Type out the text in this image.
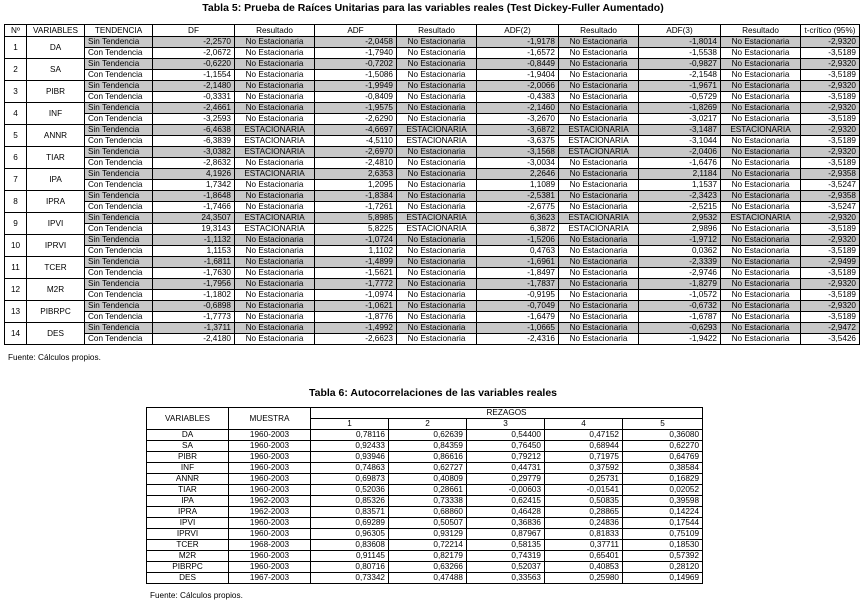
Tabla 5: Prueba de Raíces Unitarias para las variables reales (Test Dickey-Fuller Aumentado)
Nº	VARIABLES	TENDENCIA	DF	Resultado	ADF	Resultado	ADF(2)	Resultado	ADF(3)	Resultado	t-crítico (95%)
1	DA	Sin Tendencia	-2,2570	No Estacionaria	-2,0458	No Estacionaria	-1,9178	No Estacionaria	-1,8014	No Estacionaria	-2,9320
		Con Tendencia	-2,0672	No Estacionaria	-1,7940	No Estacionaria	-1,6572	No Estacionaria	-1,5538	No Estacionaria	-3,5189
2	SA	Sin Tendencia	-0,6220	No Estacionaria	-0,7202	No Estacionaria	-0,8449	No Estacionaria	-0,9827	No Estacionaria	-2,9320
		Con Tendencia	-1,1554	No Estacionaria	-1,5086	No Estacionaria	-1,9404	No Estacionaria	-2,1548	No Estacionaria	-3,5189
3	PIBR	Sin Tendencia	-2,1480	No Estacionaria	-1,9949	No Estacionaria	-2,0066	No Estacionaria	-1,9671	No Estacionaria	-2,9320
		Con Tendencia	-0,3331	No Estacionaria	-0,8409	No Estacionaria	-0,4383	No Estacionaria	-0,5729	No Estacionaria	-3,5189
4	INF	Sin Tendencia	-2,4661	No Estacionaria	-1,9575	No Estacionaria	-2,1460	No Estacionaria	-1,8269	No Estacionaria	-2,9320
		Con Tendencia	-3,2593	No Estacionaria	-2,6290	No Estacionaria	-3,2670	No Estacionaria	-3,0217	No Estacionaria	-3,5189
5	ANNR	Sin Tendencia	-6,4638	ESTACIONARIA	-4,6697	ESTACIONARIA	-3,6872	ESTACIONARIA	-3,1487	ESTACIONARIA	-2,9320
		Con Tendencia	-6,3839	ESTACIONARIA	-4,5110	ESTACIONARIA	-3,6375	ESTACIONARIA	-3,1044	No Estacionaria	-3,5189
6	TIAR	Sin Tendencia	-3,0382	ESTACIONARIA	-2,6970	No Estacionaria	-3,1568	ESTACIONARIA	-2,0406	No Estacionaria	-2,9320
		Con Tendencia	-2,8632	No Estacionaria	-2,4810	No Estacionaria	-3,0034	No Estacionaria	-1,6476	No Estacionaria	-3,5189
7	IPA	Sin Tendencia	4,1926	ESTACIONARIA	2,6353	No Estacionaria	2,2646	No Estacionaria	2,1184	No Estacionaria	-2,9358
		Con Tendencia	1,7342	No Estacionaria	1,2095	No Estacionaria	1,1089	No Estacionaria	1,1537	No Estacionaria	-3,5247
8	IPRA	Sin Tendencia	-1,8648	No Estacionaria	-1,8384	No Estacionaria	-2,5381	No Estacionaria	-2,3423	No Estacionaria	-2,9358
		Con Tendencia	-1,7466	No Estacionaria	-1,7261	No Estacionaria	-2,6775	No Estacionaria	-2,5215	No Estacionaria	-3,5247
9	IPVI	Sin Tendencia	24,3507	ESTACIONARIA	5,8985	ESTACIONARIA	6,3623	ESTACIONARIA	2,9532	ESTACIONARIA	-2,9320
		Con Tendencia	19,3143	ESTACIONARIA	5,8225	ESTACIONARIA	6,3872	ESTACIONARIA	2,9896	No Estacionaria	-3,5189
10	IPRVI	Sin Tendencia	-1,1132	No Estacionaria	-1,0724	No Estacionaria	-1,5206	No Estacionaria	-1,9712	No Estacionaria	-2,9320
		Con Tendencia	1,1153	No Estacionaria	1,1102	No Estacionaria	0,4763	No Estacionaria	0,0362	No Estacionaria	-3,5189
11	TCER	Sin Tendencia	-1,6811	No Estacionaria	-1,4899	No Estacionaria	-1,6961	No Estacionaria	-2,3339	No Estacionaria	-2,9499
		Con Tendencia	-1,7630	No Estacionaria	-1,5621	No Estacionaria	-1,8497	No Estacionaria	-2,9746	No Estacionaria	-3,5189
12	M2R	Sin Tendencia	-1,7956	No Estacionaria	-1,7772	No Estacionaria	-1,7837	No Estacionaria	-1,8279	No Estacionaria	-2,9320
		Con Tendencia	-1,1802	No Estacionaria	-1,0974	No Estacionaria	-0,9195	No Estacionaria	-1,0572	No Estacionaria	-3,5189
13	PIBRPC	Sin Tendencia	-0,6898	No Estacionaria	-1,0621	No Estacionaria	-0,7049	No Estacionaria	-0,6732	No Estacionaria	-2,9320
		Con Tendencia	-1,7773	No Estacionaria	-1,8776	No Estacionaria	-1,6479	No Estacionaria	-1,6787	No Estacionaria	-3,5189
14	DES	Sin Tendencia	-1,3711	No Estacionaria	-1,4992	No Estacionaria	-1,0665	No Estacionaria	-0,6293	No Estacionaria	-2,9472
		Con Tendencia	-2,4180	No Estacionaria	-2,6623	No Estacionaria	-2,4316	No Estacionaria	-1,9422	No Estacionaria	-3,5426
Fuente: Cálculos propios.
Tabla 6: Autocorrelaciones de las variables reales
VARIABLES	MUESTRA	REZAGOS				
		1	2	3	4	5
DA	1960-2003	0,78116	0,62639	0,54400	0,47152	0,36080
SA	1960-2003	0,92433	0,84359	0,76450	0,68944	0,62270
PIBR	1960-2003	0,93946	0,86616	0,79212	0,71975	0,64769
INF	1960-2003	0,74863	0,62727	0,44731	0,37592	0,38584
ANNR	1960-2003	0,69873	0,40809	0,29779	0,25731	0,16829
TIAR	1960-2003	0,52036	0,28661	-0,00603	-0,01541	0,02052
IPA	1962-2003	0,85326	0,73338	0,62415	0,50835	0,39598
IPRA	1962-2003	0,83571	0,68860	0,46428	0,28865	0,14224
IPVI	1960-2003	0,69289	0,50507	0,36836	0,24836	0,17544
IPRVI	1960-2003	0,96305	0,93129	0,87967	0,81833	0,75109
TCER	1968-2003	0,83608	0,72214	0,58135	0,37711	0,18530
M2R	1960-2003	0,91145	0,82179	0,74319	0,65401	0,57392
PIBRPC	1960-2003	0,80716	0,63266	0,52037	0,40853	0,28120
DES	1967-2003	0,73342	0,47488	0,33563	0,25980	0,14969
Fuente: Cálculos propios.
